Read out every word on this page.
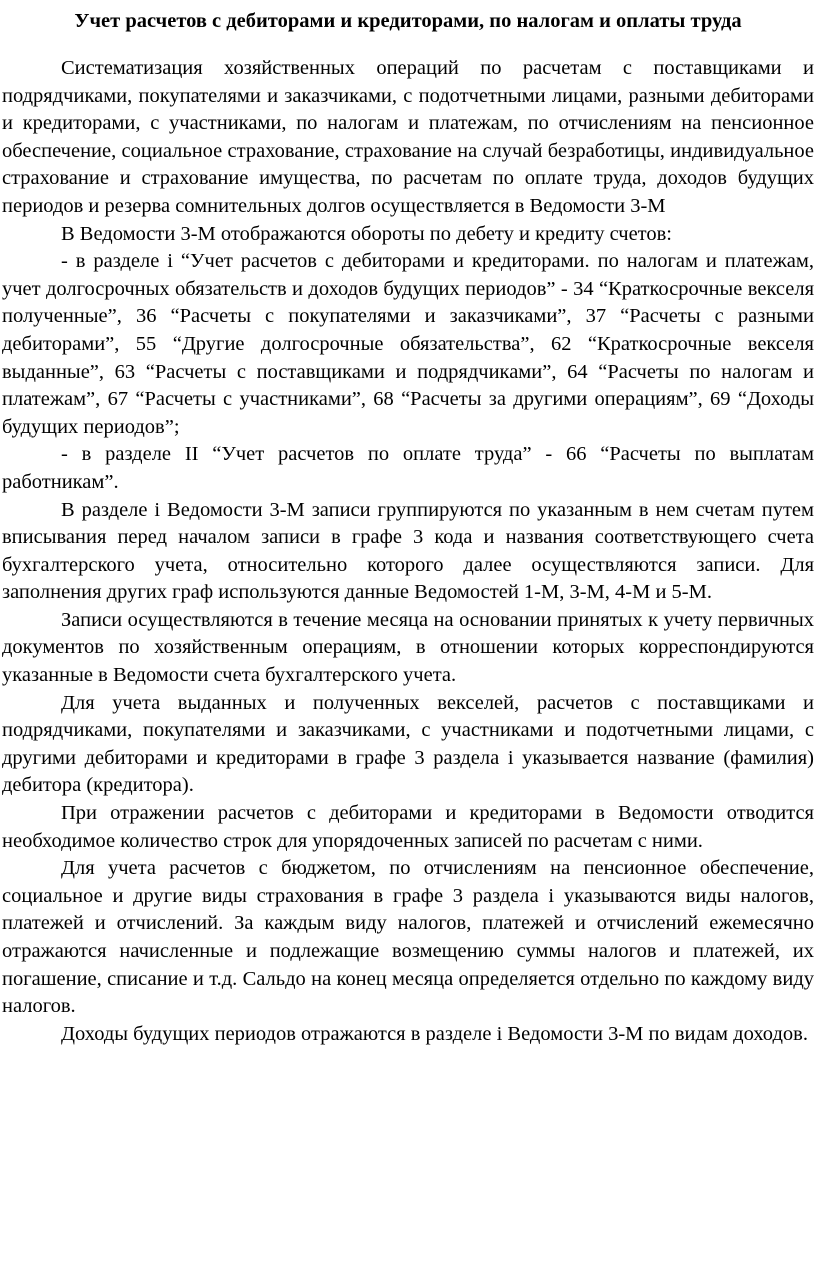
Учет расчетов с дебиторами и кредиторами, по налогам и оплаты труда

Систематизация хозяйственных операций по расчетам с поставщиками и подрядчиками, покупателями и заказчиками, с подотчетными лицами, разными дебиторами и кредиторами, с участниками, по налогам и платежам, по отчислениям на пенсионное обеспечение, социальное страхование, страхование на случай безработицы, индивидуальное страхование и страхование имущества, по расчетам по оплате труда, доходов будущих периодов и резерва сомнительных долгов осуществляется в Ведомости 3-М

В Ведомости 3-М отображаются обороты по дебету и кредиту счетов:

- в разделе і “Учет расчетов с дебиторами и кредиторами. по налогам и платежам, учет долгосрочных обязательств и доходов будущих периодов” - 34 “Краткосрочные векселя полученные”, 36 “Расчеты с покупателями и заказчиками”, 37 “Расчеты с разными дебиторами”, 55 “Другие долгосрочные обязательства”, 62 “Краткосрочные векселя выданные”, 63 “Расчеты с поставщиками и подрядчиками”, 64 “Расчеты по налогам и платежам”, 67 “Расчеты с участниками”, 68 “Расчеты за другими операциям”, 69 “Доходы будущих периодов”;

- в разделе II “Учет расчетов по оплате труда” - 66 “Расчеты по выплатам работникам”.

В разделе і Ведомости 3-М записи группируются по указанным в нем счетам путем вписывания перед началом записи в графе 3 кода и названия соответствующего счета бухгалтерского учета, относительно которого далее осуществляются записи. Для заполнения других граф используются данные Ведомостей 1-М, 3-М, 4-М и 5-М.

Записи осуществляются в течение месяца на основании принятых к учету первичных документов по хозяйственным операциям, в отношении которых корреспондируются указанные в Ведомости счета бухгалтерского учета.

Для учета выданных и полученных векселей, расчетов с поставщиками и подрядчиками, покупателями и заказчиками, с участниками и подотчетными лицами, с другими дебиторами и кредиторами в графе 3 раздела і указывается название (фамилия) дебитора (кредитора).

При отражении расчетов с дебиторами и кредиторами в Ведомости отводится необходимое количество строк для упорядоченных записей по расчетам с ними.

Для учета расчетов с бюджетом, по отчислениям на пенсионное обеспечение, социальное и другие виды страхования в графе 3 раздела і указываются виды налогов, платежей и отчислений. За каждым виду налогов, платежей и отчислений ежемесячно отражаются начисленные и подлежащие возмещению суммы налогов и платежей, их погашение, списание и т.д. Сальдо на конец месяца определяется отдельно по каждому виду налогов.

Доходы будущих периодов отражаются в разделе і Ведомости 3-М по видам доходов.
